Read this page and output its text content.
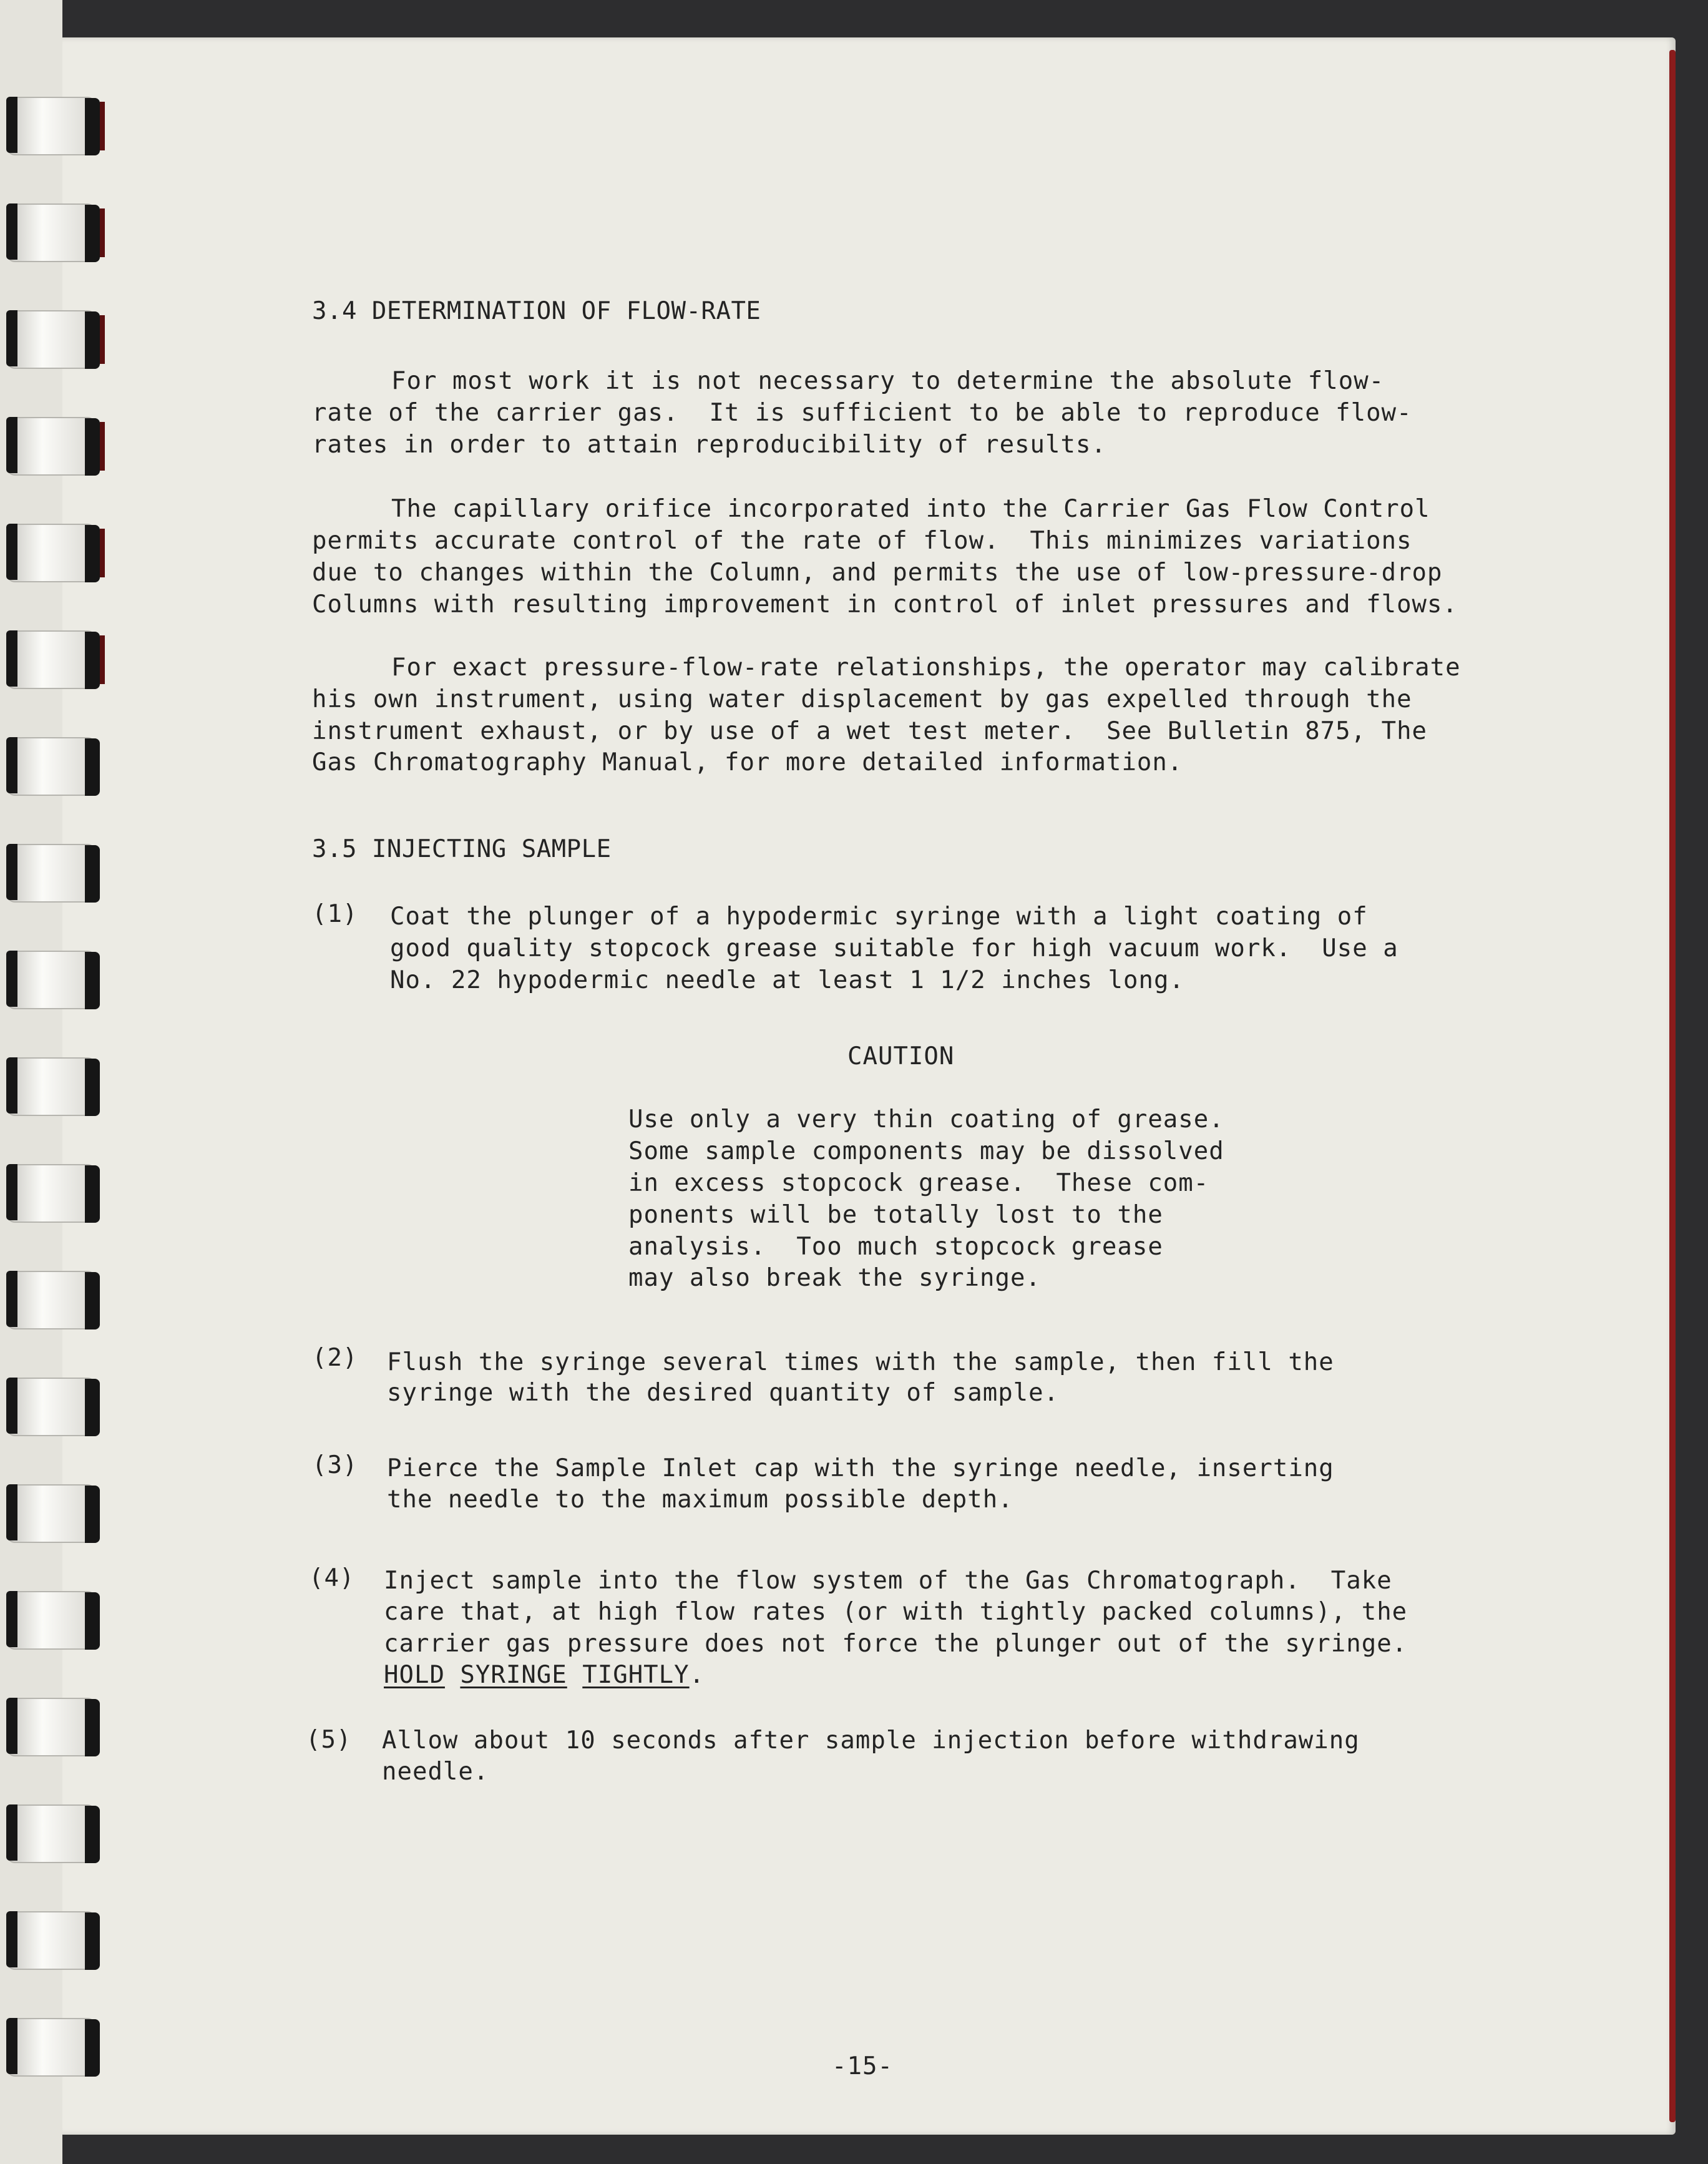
3.4 DETERMINATION OF FLOW-RATE
For most work it is not necessary to determine the absolute flow-
rate of the carrier gas.  It is sufficient to be able to reproduce flow-
rates in order to attain reproducibility of results.
The capillary orifice incorporated into the Carrier Gas Flow Control
permits accurate control of the rate of flow.  This minimizes variations
due to changes within the Column, and permits the use of low-pressure-drop
Columns with resulting improvement in control of inlet pressures and flows.
For exact pressure-flow-rate relationships, the operator may calibrate
his own instrument, using water displacement by gas expelled through the
instrument exhaust, or by use of a wet test meter.  See Bulletin 875, The
Gas Chromatography Manual, for more detailed information.
3.5 INJECTING SAMPLE
(1) Coat the plunger of a hypodermic syringe with a light coating of
good quality stopcock grease suitable for high vacuum work.  Use a
No. 22 hypodermic needle at least 1 1/2 inches long.
CAUTION
Use only a very thin coating of grease.
Some sample components may be dissolved
in excess stopcock grease.  These com-
ponents will be totally lost to the
analysis.  Too much stopcock grease
may also break the syringe.
(2) Flush the syringe several times with the sample, then fill the
syringe with the desired quantity of sample.
(3) Pierce the Sample Inlet cap with the syringe needle, inserting
the needle to the maximum possible depth.
(4) Inject sample into the flow system of the Gas Chromatograph.  Take
care that, at high flow rates (or with tightly packed columns), the
carrier gas pressure does not force the plunger out of the syringe.
HOLD SYRINGE TIGHTLY.
(5) Allow about 10 seconds after sample injection before withdrawing
needle.
-15-
